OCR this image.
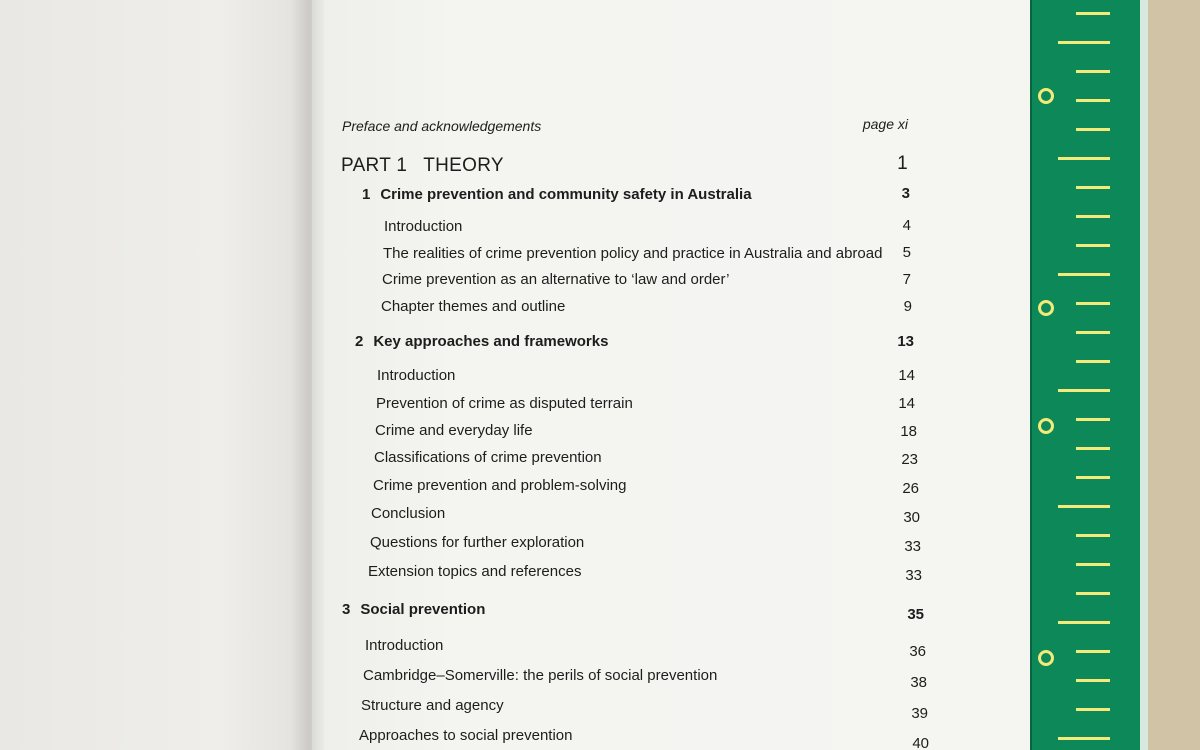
Preface and acknowledgements	page xi
PART 1 THEORY	1
1 Crime prevention and community safety in Australia	3
Introduction	4
The realities of crime prevention policy and practice in Australia and abroad	5
Crime prevention as an alternative to ‘law and order’	7
Chapter themes and outline	9
2 Key approaches and frameworks	13
Introduction	14
Prevention of crime as disputed terrain	14
Crime and everyday life	18
Classifications of crime prevention	23
Crime prevention and problem-solving	26
Conclusion	30
Questions for further exploration	33
Extension topics and references	33
3 Social prevention	35
Introduction	36
Cambridge–Somerville: the perils of social prevention	38
Structure and agency	39
Approaches to social prevention	40
